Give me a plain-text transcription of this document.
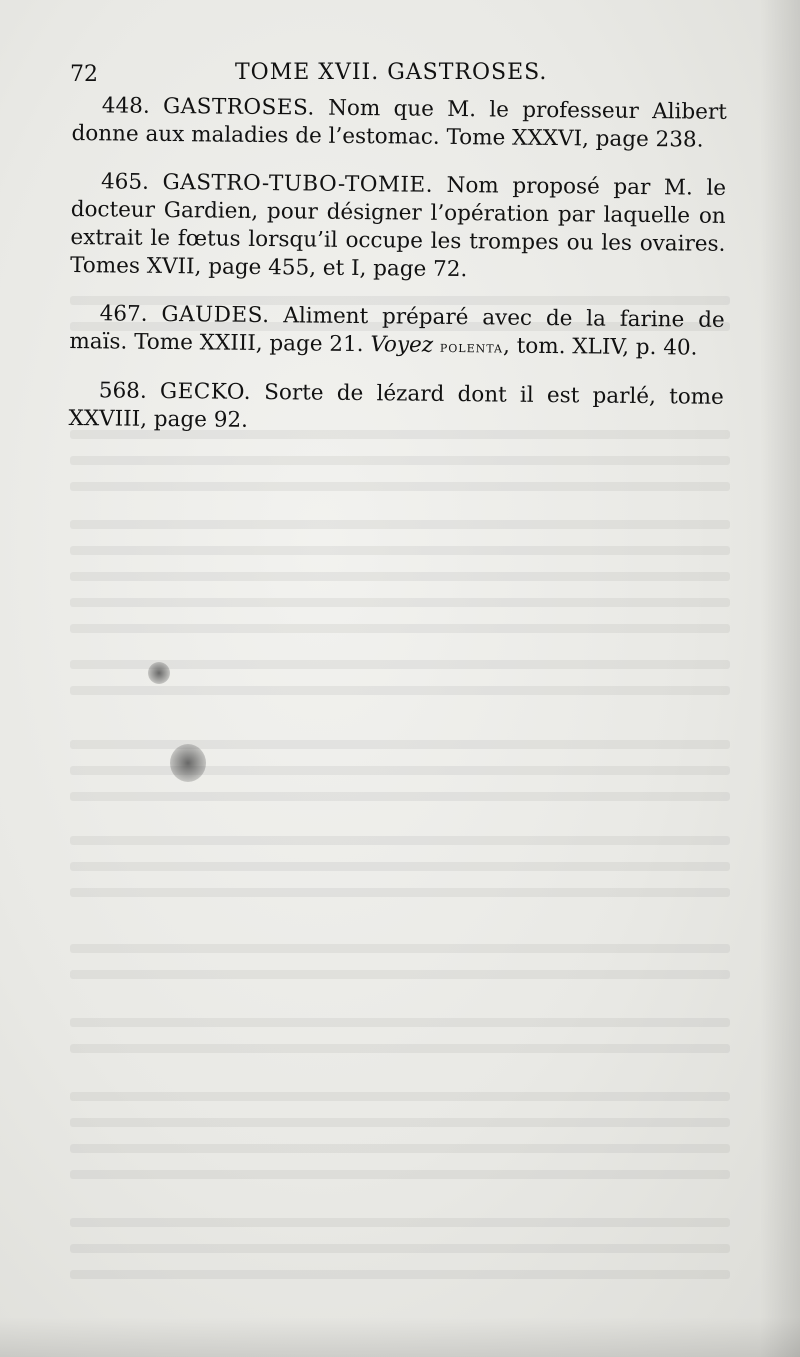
72	TOME XVII. GASTROSES.

448. GASTROSES. Nom que M. le professeur Alibert donne aux maladies de l’estomac. Tome XXXVI, page 238.

465. GASTRO-TUBO-TOMIE. Nom proposé par M. le docteur Gardien, pour désigner l’opération par laquelle on extrait le fœtus lorsqu’il occupe les trompes ou les ovaires. Tomes XVII, page 455, et I, page 72.

467. GAUDES. Aliment préparé avec de la farine de maïs. Tome XXIII, page 21. Voyez polenta, tom. XLIV, p. 40.

568. GECKO. Sorte de lézard dont il est parlé, tome XXVIII, page 92.
